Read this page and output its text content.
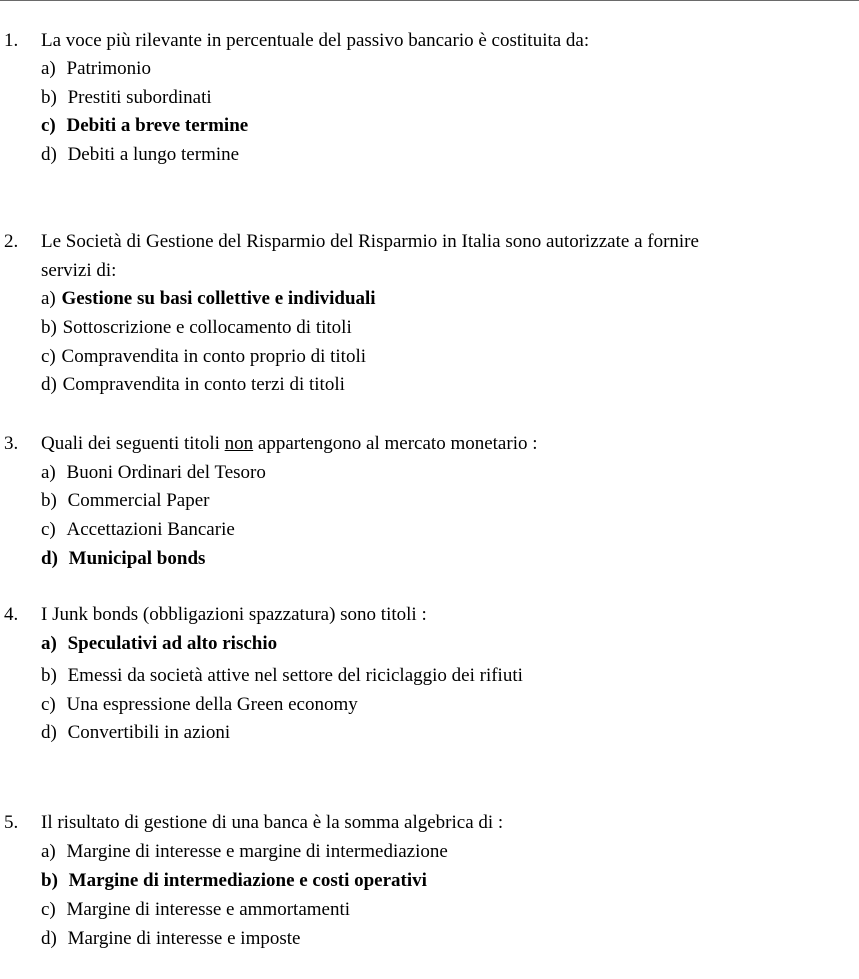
1. La voce più rilevante in percentuale del passivo bancario è costituita da:
a) Patrimonio
b) Prestiti subordinati
c) Debiti a breve termine
d) Debiti a lungo termine
2. Le Società di Gestione del Risparmio del Risparmio in Italia sono autorizzate a fornire
servizi di:
a) Gestione su basi collettive e individuali
b) Sottoscrizione e collocamento di titoli
c) Compravendita in conto proprio di titoli
d) Compravendita in conto terzi di titoli
3. Quali dei seguenti titoli non appartengono al mercato monetario :
a) Buoni Ordinari del Tesoro
b) Commercial Paper
c) Accettazioni Bancarie
d) Municipal bonds
4. I Junk bonds (obbligazioni spazzatura) sono titoli :
a) Speculativi ad alto rischio
b) Emessi da società attive nel settore del riciclaggio dei rifiuti
c) Una espressione della Green economy
d) Convertibili in azioni
5. Il risultato di gestione di una banca è la somma algebrica di :
a) Margine di interesse e margine di intermediazione
b) Margine di intermediazione e costi operativi
c) Margine di interesse e ammortamenti
d) Margine di interesse e imposte
